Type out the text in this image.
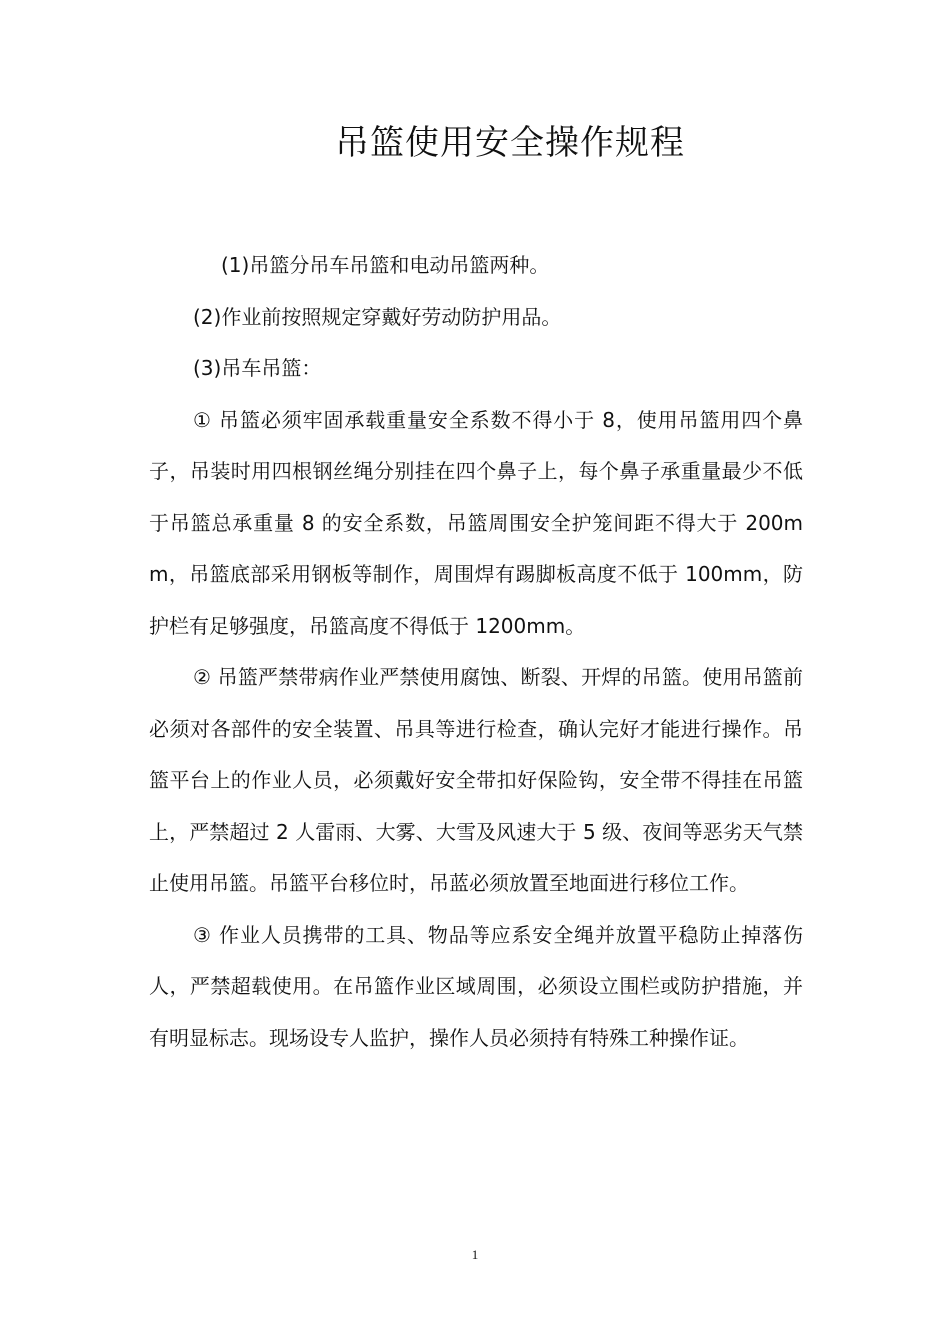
吊篮使用安全操作规程

(1)吊篮分吊车吊篮和电动吊篮两种。

(2)作业前按照规定穿戴好劳动防护用品。

(3)吊车吊篮：

① 吊篮必须牢固承载重量安全系数不得小于 8，使用吊篮用四个鼻子，吊装时用四根钢丝绳分别挂在四个鼻子上，每个鼻子承重量最少不低于吊篮总承重量 8 的安全系数，吊篮周围安全护笼间距不得大于 200mm，吊篮底部采用钢板等制作，周围焊有踢脚板高度不低于 100mm，防护栏有足够强度，吊篮高度不得低于 1200mm。

② 吊篮严禁带病作业严禁使用腐蚀、断裂、开焊的吊篮。使用吊篮前必须对各部件的安全装置、吊具等进行检查，确认完好才能进行操作。吊篮平台上的作业人员，必须戴好安全带扣好保险钩，安全带不得挂在吊篮上，严禁超过 2 人雷雨、大雾、大雪及风速大于 5 级、夜间等恶劣天气禁止使用吊篮。吊篮平台移位时，吊蓝必须放置至地面进行移位工作。

③ 作业人员携带的工具、物品等应系安全绳并放置平稳防止掉落伤人，严禁超载使用。在吊篮作业区域周围，必须设立围栏或防护措施，并有明显标志。现场设专人监护，操作人员必须持有特殊工种操作证。

1
